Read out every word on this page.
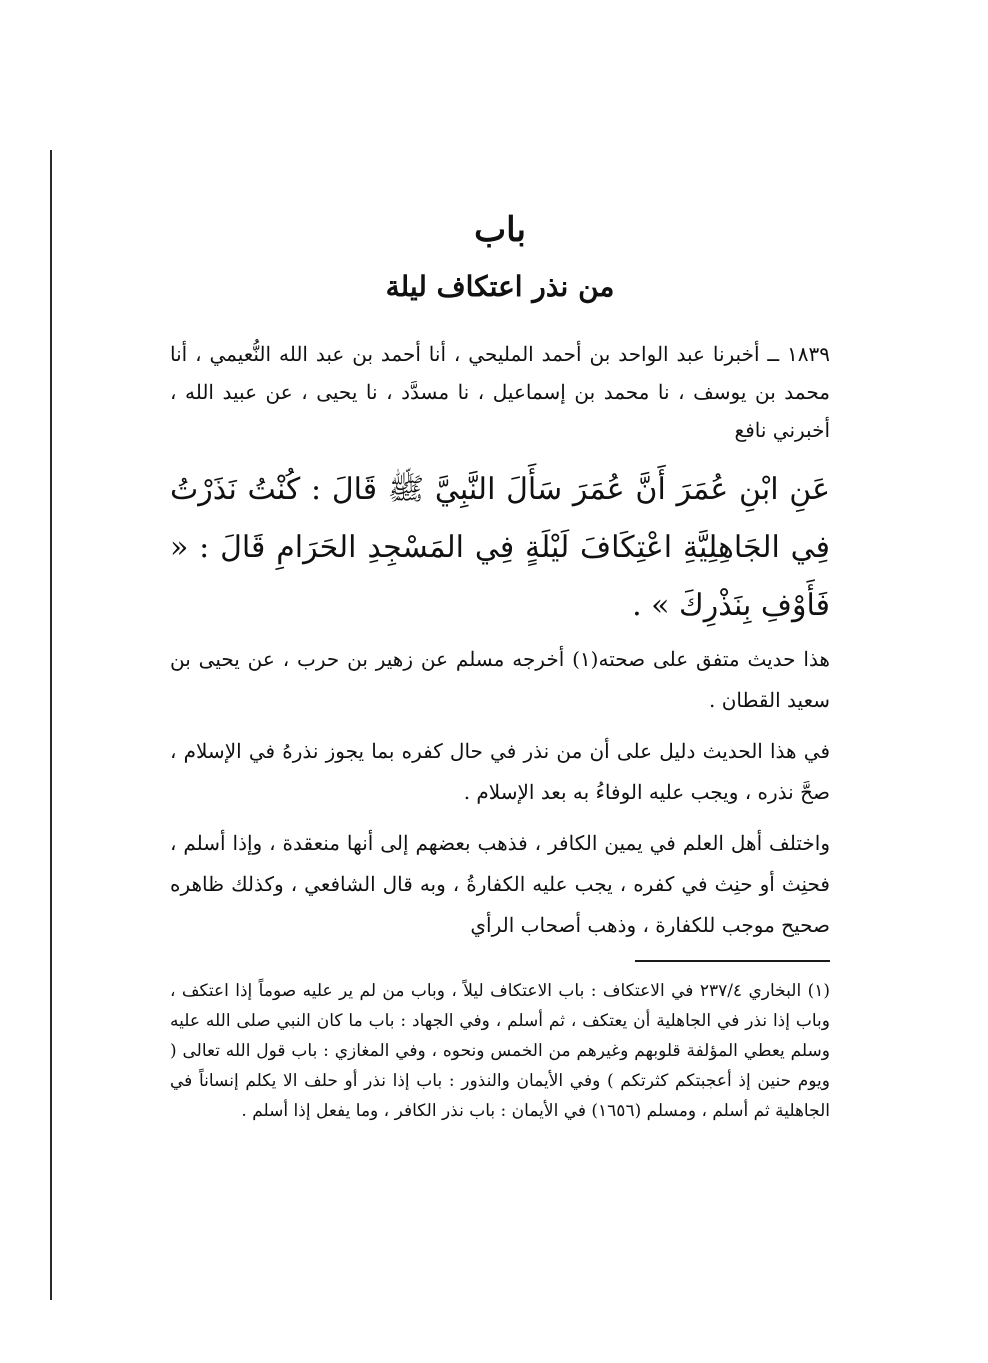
باب
من نذر اعتكاف ليلة

١٨٣٩ ــ أخبرنا عبد الواحد بن أحمد المليحي ، أنا أحمد بن عبد الله النُّعيمي ، أنا محمد بن يوسف ، نا محمد بن إسماعيل ، نا مسدَّد ، نا يحيى ، عن عبيد الله ، أخبرني نافع

عَنِ ابْنِ عُمَرَ أَنَّ عُمَرَ سَأَلَ النَّبِيَّ ﷺ قَالَ : كُنْتُ نَذَرْتُ فِي الجَاهِلِيَّةِ اعْتِكَافَ لَيْلَةٍ فِي المَسْجِدِ الحَرَامِ قَالَ : « فَأَوْفِ بِنَذْرِكَ » .

هذا حديث متفق على صحته(١) أخرجه مسلم عن زهير بن حرب ، عن يحيى بن سعيد القطان .

في هذا الحديث دليل على أن من نذر في حال كفره بما يجوز نذرهُ في الإسلام ، صحَّ نذره ، ويجب عليه الوفاءُ به بعد الإسلام .

واختلف أهل العلم في يمين الكافر ، فذهب بعضهم إلى أنها منعقدة ، وإذا أسلم ، فحنِث أو حنِث في كفره ، يجب عليه الكفارةُ ، وبه قال الشافعي ، وكذلك ظاهره صحيح موجب للكفارة ، وذهب أصحاب الرأي

(١) البخاري ٢٣٧/٤ في الاعتكاف : باب الاعتكاف ليلاً ، وباب من لم ير عليه صوماً إذا اعتكف ، وباب إذا نذر في الجاهلية أن يعتكف ، ثم أسلم ، وفي الجهاد : باب ما كان النبي صلى الله عليه وسلم يعطي المؤلفة قلوبهم وغيرهم من الخمس ونحوه ، وفي المغازي : باب قول الله تعالى ( ويوم حنين إذ أعجبتكم كثرتكم ) وفي الأيمان والنذور : باب إذا نذر أو حلف الا يكلم إنساناً في الجاهلية ثم أسلم ، ومسلم (١٦٥٦) في الأيمان : باب نذر الكافر ، وما يفعل إذا أسلم .
